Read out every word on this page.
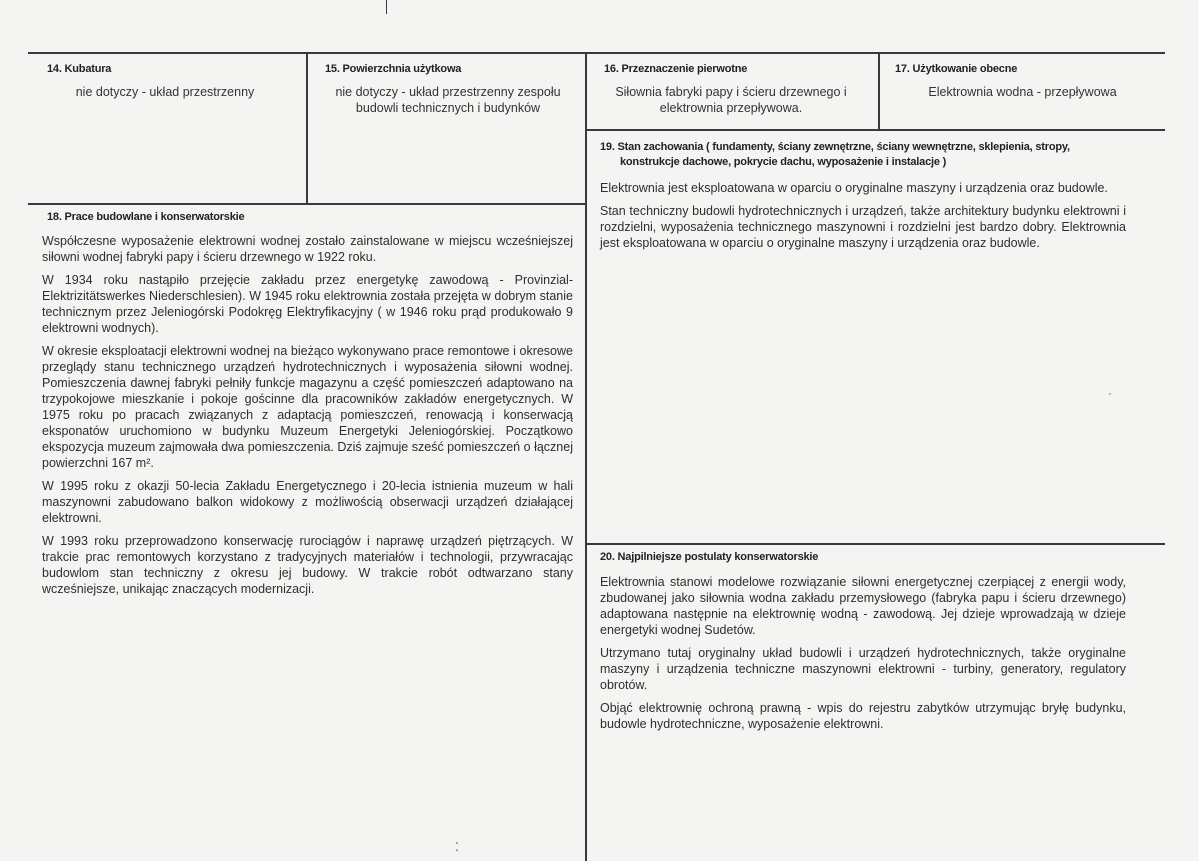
14. Kubatura
nie dotyczy - układ przestrzenny
15. Powierzchnia użytkowa
nie dotyczy - układ przestrzenny zespołu budowli technicznych i budynków
16. Przeznaczenie pierwotne
Siłownia fabryki papy i ścieru drzewnego i elektrownia przepływowa.
17. Użytkowanie obecne
Elektrownia wodna - przepływowa
19. Stan zachowania ( fundamenty, ściany zewnętrzne, ściany wewnętrzne, sklepienia, stropy,
konstrukcje dachowe, pokrycie dachu, wyposażenie i instalacje )

Elektrownia jest eksploatowana w oparciu o oryginalne maszyny i urządzenia oraz budowle.

Stan techniczny budowli hydrotechnicznych i urządzeń, także architektury budynku elektrowni i rozdzielni, wyposażenia technicznego maszynowni i rozdzielni jest bardzo dobry. Elektrownia jest eksploatowana w oparciu o oryginalne maszyny i urządzenia oraz budowle.

18. Prace budowlane i konserwatorskie

Współczesne wyposażenie elektrowni wodnej zostało zainstalowane w miejscu wcześniejszej siłowni wodnej fabryki papy i ścieru drzewnego w 1922 roku.

W 1934 roku nastąpiło przejęcie zakładu przez energetykę zawodową - Provinzial-Elektrizitätswerkes Niederschlesien). W 1945 roku elektrownia została przejęta w dobrym stanie technicznym przez Jeleniogórski Podokręg Elektryfikacyjny ( w 1946 roku prąd produkowało 9 elektrowni wodnych).

W okresie eksploatacji elektrowni wodnej na bieżąco wykonywano prace remontowe i okresowe przeglądy stanu technicznego urządzeń hydrotechnicznych i wyposażenia siłowni wodnej. Pomieszczenia dawnej fabryki pełniły funkcje magazynu a część pomieszczeń adaptowano na trzypokojowe mieszkanie i pokoje gościnne dla pracowników zakładów energetycznych. W 1975 roku po pracach związanych z adaptacją pomieszczeń, renowacją i konserwacją eksponatów uruchomiono w budynku Muzeum Energetyki Jeleniogórskiej. Początkowo ekspozycja muzeum zajmowała dwa pomieszczenia. Dziś zajmuje sześć pomieszczeń o łącznej powierzchni 167 m².

W 1995 roku z okazji 50-lecia Zakładu Energetycznego i 20-lecia istnienia muzeum w hali maszynowni zabudowano balkon widokowy z możliwością obserwacji urządzeń działającej elektrowni.

W 1993 roku przeprowadzono konserwację rurociągów i naprawę urządzeń piętrzących. W trakcie prac remontowych korzystano z tradycyjnych materiałów i technologii, przywracając budowlom stan techniczny z okresu jej budowy. W trakcie robót odtwarzano stany wcześniejsze, unikając znaczących modernizacji.

20. Najpilniejsze postulaty konserwatorskie

Elektrownia stanowi modelowe rozwiązanie siłowni energetycznej czerpiącej z energii wody, zbudowanej jako siłownia wodna zakładu przemysłowego (fabryka papu i ścieru drzewnego) adaptowana następnie na elektrownię wodną - zawodową. Jej dzieje wprowadzają w dzieje energetyki wodnej Sudetów.

Utrzymano tutaj oryginalny układ budowli i urządzeń hydrotechnicznych, także oryginalne maszyny i urządzenia techniczne maszynowni elektrowni - turbiny, generatory, regulatory obrotów.

Objąć elektrownię ochroną prawną - wpis do rejestru zabytków utrzymując bryłę budynku, budowle hydrotechniczne, wyposażenie elektrowni.

·
⁚
